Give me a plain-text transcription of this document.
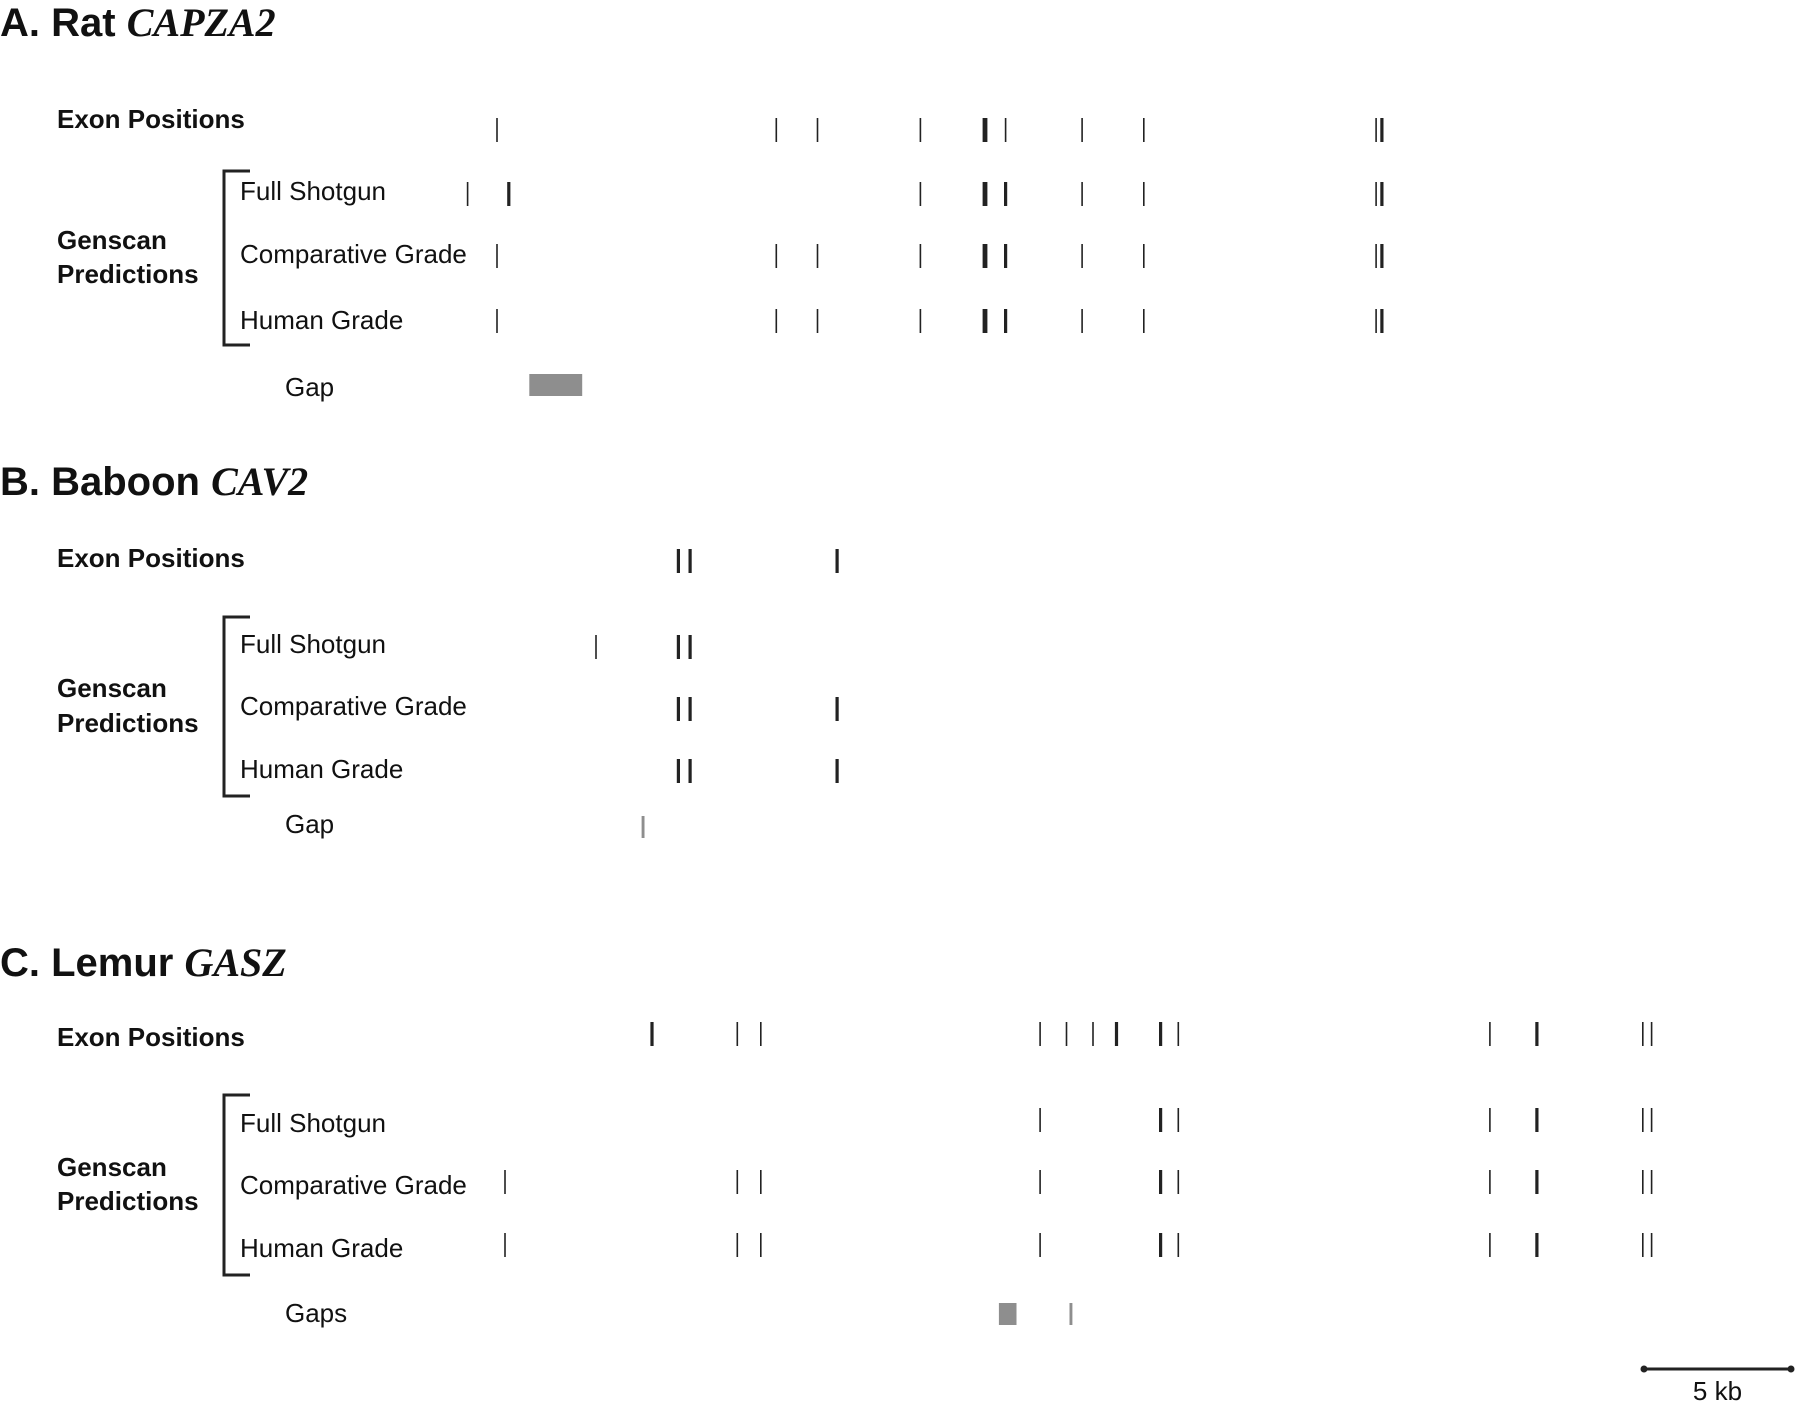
A. Rat CAPZA2
Exon Positions
Genscan
Predictions
Full Shotgun
Comparative Grade
Human Grade
Gap
B. Baboon CAV2
Exon Positions
Genscan
Predictions
Full Shotgun
Comparative Grade
Human Grade
Gap
C. Lemur GASZ
Exon Positions
Genscan
Predictions
Full Shotgun
Comparative Grade
Human Grade
Gaps
5 kb
